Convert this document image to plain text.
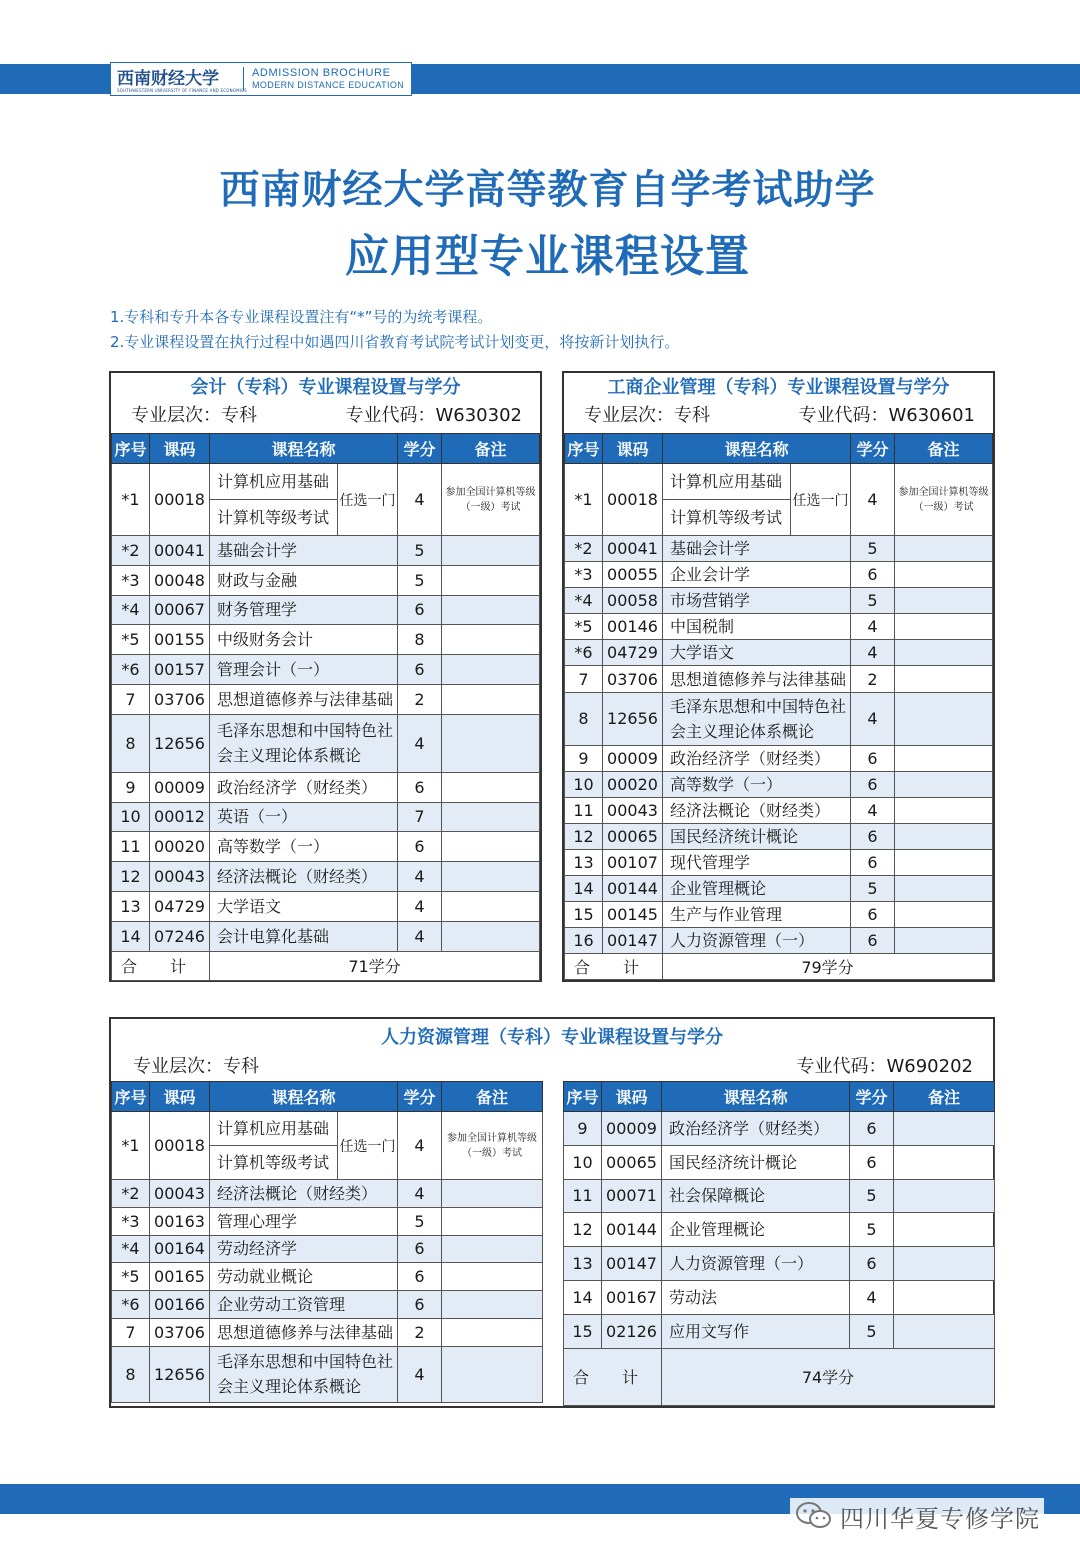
西南财经大学
SOUTHWESTERN UNIVERSITY OF FINANCE AND ECONOMICS
ADMISSION BROCHURE
MODERN DISTANCE EDUCATION
西南财经大学高等教育自学考试助学
应用型专业课程设置
1.专科和专升本各专业课程设置注有“*”号的为统考课程。
2.专业课程设置在执行过程中如遇四川省教育考试院考试计划变更，将按新计划执行。
会计（专科）专业课程设置与学分
专业层次：专科	专业代码：W630302
序号	课码	课程名称		学分	备注
*1	00018	计算机应用基础	任选一门	4	参加全国计算机等级（一级）考试
		计算机等级考试			
*2	00041	基础会计学		5	
*3	00048	财政与金融		5	
*4	00067	财务管理学		6	
*5	00155	中级财务会计		8	
*6	00157	管理会计（一）		6	
7	03706	思想道德修养与法律基础		2	
8	12656	毛泽东思想和中国特色社会主义理论体系概论		4	
9	00009	政治经济学（财经类）		6	
10	00012	英语（一）		7	
11	00020	高等数学（一）		6	
12	00043	经济法概论（财经类）		4	
13	04729	大学语文		4	
14	07246	会计电算化基础		4	
合 计		71学分			
工商企业管理（专科）专业课程设置与学分
专业层次：专科	专业代码：W630601
序号	课码	课程名称		学分	备注
*1	00018	计算机应用基础	任选一门	4	参加全国计算机等级（一级）考试
		计算机等级考试			
*2	00041	基础会计学		5	
*3	00055	企业会计学		6	
*4	00058	市场营销学		5	
*5	00146	中国税制		4	
*6	04729	大学语文		4	
7	03706	思想道德修养与法律基础		2	
8	12656	毛泽东思想和中国特色社会主义理论体系概论		4	
9	00009	政治经济学（财经类）		6	
10	00020	高等数学（一）		6	
11	00043	经济法概论（财经类）		4	
12	00065	国民经济统计概论		6	
13	00107	现代管理学		6	
14	00144	企业管理概论		5	
15	00145	生产与作业管理		6	
16	00147	人力资源管理（一）		6	
合 计		79学分			
人力资源管理（专科）专业课程设置与学分
专业层次：专科	专业代码：W690202
序号	课码	课程名称		学分	备注
*1	00018	计算机应用基础	任选一门	4	参加全国计算机等级（一级）考试
		计算机等级考试			
*2	00043	经济法概论（财经类）		4	
*3	00163	管理心理学		5	
*4	00164	劳动经济学		6	
*5	00165	劳动就业概论		6	
*6	00166	企业劳动工资管理		6	
7	03706	思想道德修养与法律基础		2	
8	12656	毛泽东思想和中国特色社会主义理论体系概论		4	
序号	课码	课程名称	学分	备注
9	00009	政治经济学（财经类）	6	
10	00065	国民经济统计概论	6	
11	00071	社会保障概论	5	
12	00144	企业管理概论	5	
13	00147	人力资源管理（一）	6	
14	00167	劳动法	4	
15	02126	应用文写作	5	
合 计		74学分		
四川华夏专修学院
